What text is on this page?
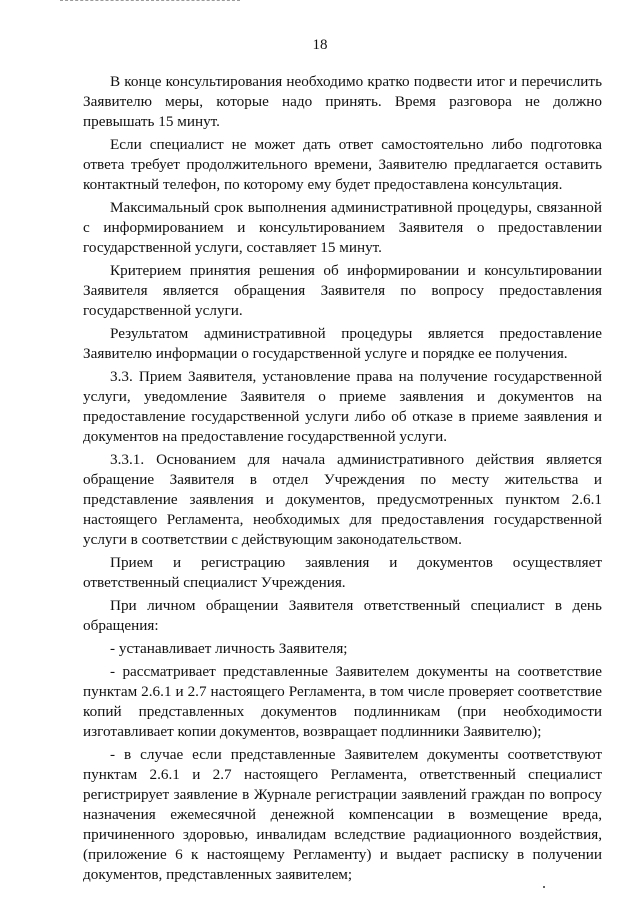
18

В конце консультирования необходимо кратко подвести итог и перечислить Заявителю меры, которые надо принять. Время разговора не должно превышать 15 минут.

Если специалист не может дать ответ самостоятельно либо подготовка ответа требует продолжительного времени, Заявителю предлагается оставить контактный телефон, по которому ему будет предоставлена консультация.

Максимальный срок выполнения административной процедуры, связанной с информированием и консультированием Заявителя о предоставлении государственной услуги, составляет 15 минут.

Критерием принятия решения об информировании и консультировании Заявителя является обращения Заявителя по вопросу предоставления государственной услуги.

Результатом административной процедуры является предоставление Заявителю информации о государственной услуге и порядке ее получения.

3.3. Прием Заявителя, установление права на получение государственной услуги, уведомление Заявителя о приеме заявления и документов на предоставление государственной услуги либо об отказе в приеме заявления и документов на предоставление государственной услуги.

3.3.1. Основанием для начала административного действия является обращение Заявителя в отдел Учреждения по месту жительства и представление заявления и документов, предусмотренных пунктом 2.6.1 настоящего Регламента, необходимых для предоставления государственной услуги в соответствии с действующим законодательством.

Прием и регистрацию заявления и документов осуществляет ответственный специалист Учреждения.

При личном обращении Заявителя ответственный специалист в день обращения:

- устанавливает личность Заявителя;

- рассматривает представленные Заявителем документы на соответствие пунктам 2.6.1 и 2.7 настоящего Регламента, в том числе проверяет соответствие копий представленных документов подлинникам (при необходимости изготавливает копии документов, возвращает подлинники Заявителю);

- в случае если представленные Заявителем документы соответствуют пунктам 2.6.1 и 2.7 настоящего Регламента, ответственный специалист регистрирует заявление в Журнале регистрации заявлений граждан по вопросу назначения ежемесячной денежной компенсации в возмещение вреда, причиненного здоровью, инвалидам вследствие радиационного воздействия, (приложение 6 к настоящему Регламенту) и выдает расписку в получении документов, представленных заявителем;
